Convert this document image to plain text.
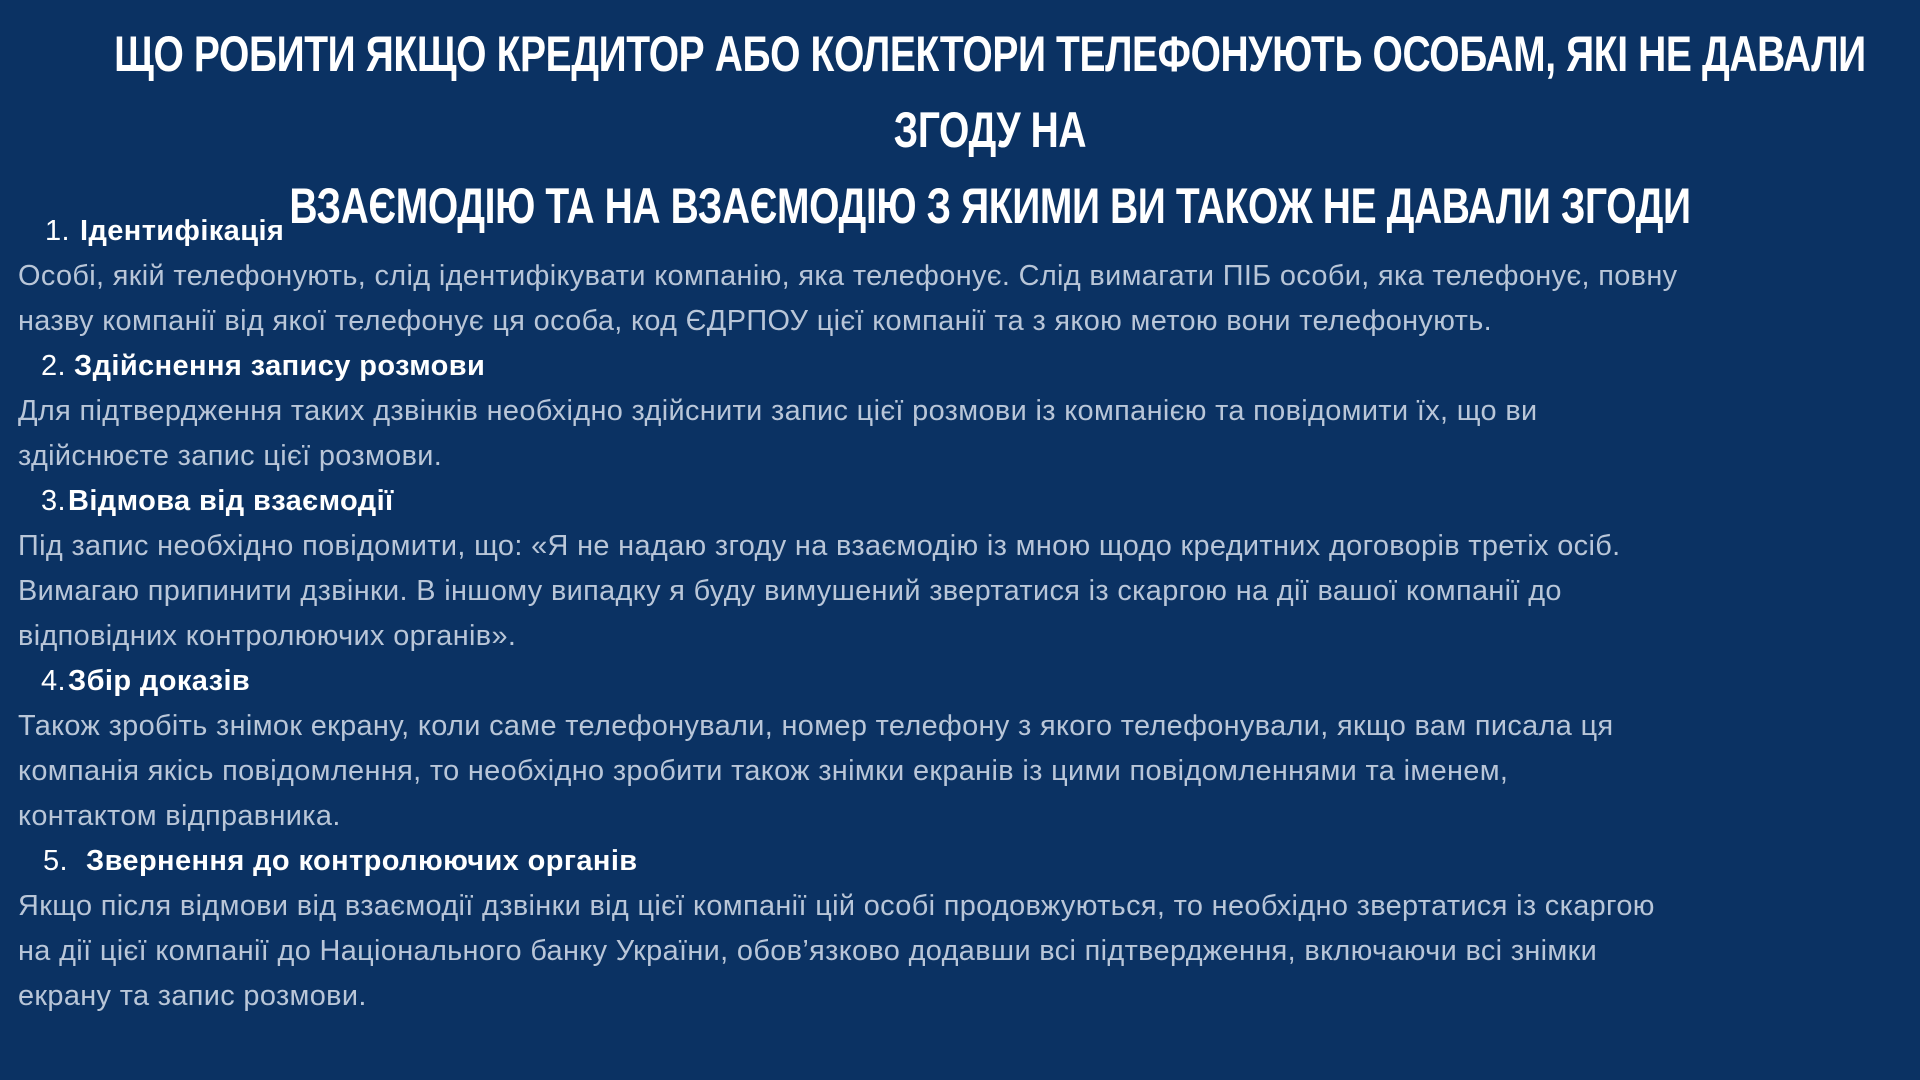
ЩО РОБИТИ ЯКЩО КРЕДИТОР АБО КОЛЕКТОРИ ТЕЛЕФОНУЮТЬ ОСОБАМ, ЯКІ НЕ ДАВАЛИ ЗГОДУ НА
ВЗАЄМОДІЮ ТА НА ВЗАЄМОДІЮ З ЯКИМИ ВИ ТАКОЖ НЕ ДАВАЛИ ЗГОДИ
1. Ідентифікація

Особі, якій телефонують, слід ідентифікувати компанію, яка телефонує. Слід вимагати ПІБ особи, яка телефонує, повну
назву компанії від якої телефонує ця особа, код ЄДРПОУ цієї компанії та з якою метою вони телефонують.

2. Здійснення запису розмови

Для підтвердження таких дзвінків необхідно здійснити запис цієї розмови із компанією та повідомити їх, що ви
здійснюєте запис цієї розмови.

3. Відмова від взаємодії

Під запис необхідно повідомити, що: «Я не надаю згоду на взаємодію із мною щодо кредитних договорів третіх осіб.
Вимагаю припинити дзвінки. В іншому випадку я буду вимушений звертатися із скаргою на дії вашої компанії до
відповідних контролюючих органів».

4. Збір доказів

Також зробіть знімок екрану, коли саме телефонували, номер телефону з якого телефонували, якщо вам писала ця
компанія якісь повідомлення, то необхідно зробити також знімки екранів із цими повідомленнями та іменем,
контактом відправника.

5. Звернення до контролюючих органів

Якщо після відмови від взаємодії дзвінки від цієї компанії цій особі продовжуються, то необхідно звертатися із скаргою
на дії цієї компанії до Національного банку України, обов’язково додавши всі підтвердження, включаючи всі знімки
екрану та запис розмови.
